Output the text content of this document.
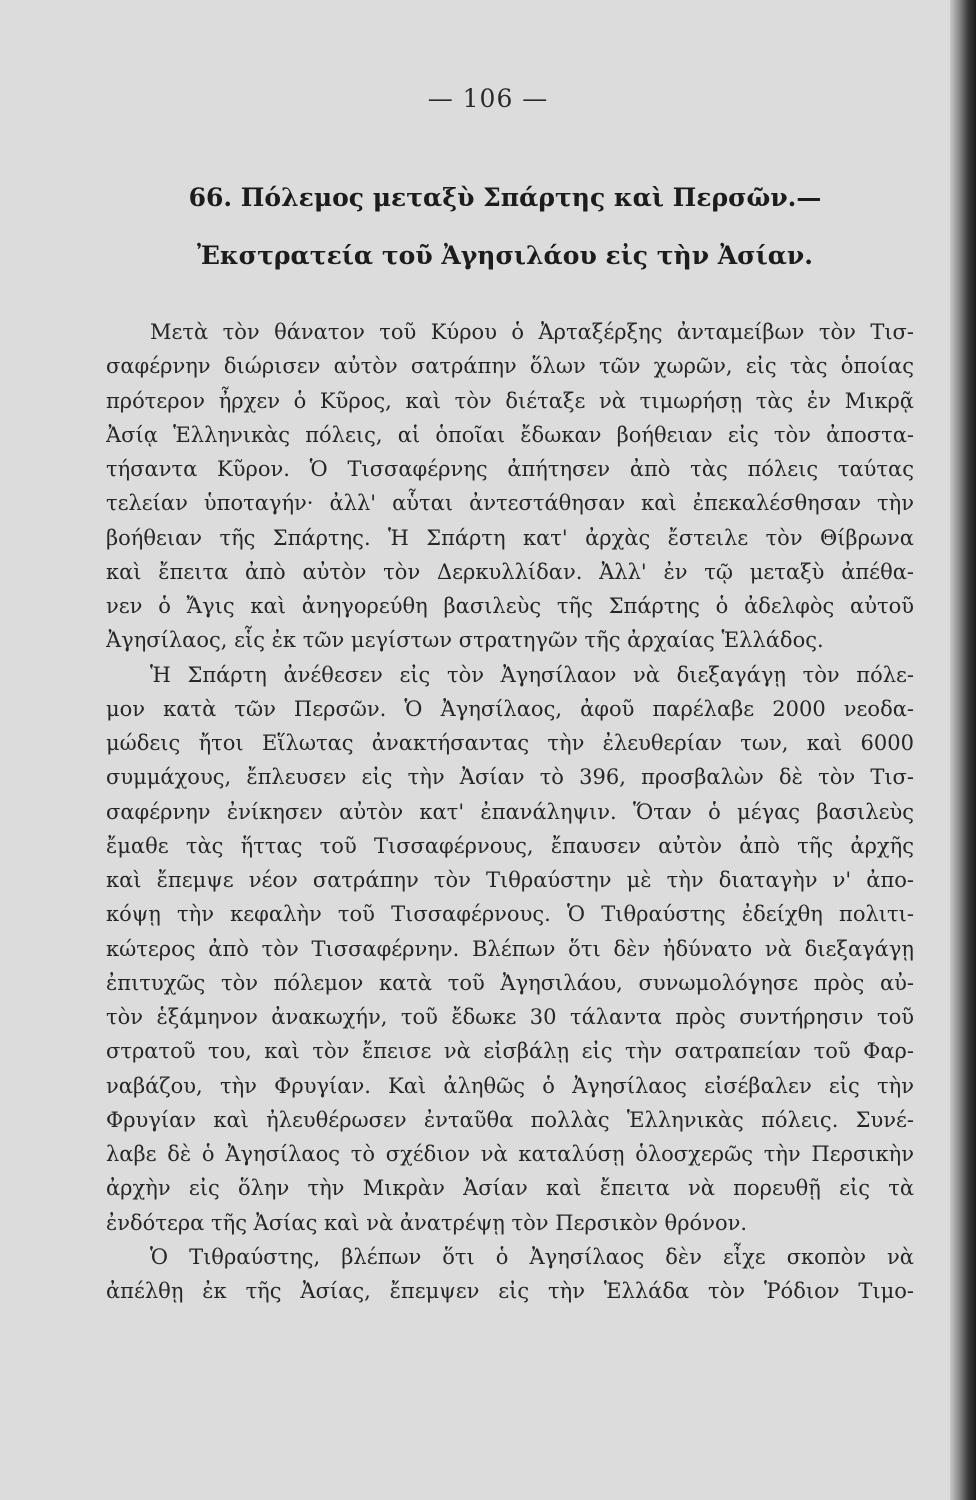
— 106 —
66. Πόλεμος μεταξὺ Σπάρτης καὶ Περσῶν.—
Ἐκστρατεία τοῦ Ἀγησιλάου εἰς τὴν Ἀσίαν.
Μετὰ τὸν θάνατον τοῦ Κύρου ὁ Ἀρταξέρξης ἀνταμείβων τὸν Τισ-
σαφέρνην διώρισεν αὐτὸν σατράπην ὅλων τῶν χωρῶν, εἰς τὰς ὁποίας
πρότερον ἦρχεν ὁ Κῦρος, καὶ τὸν διέταξε νὰ τιμωρήσῃ τὰς ἐν Μικρᾷ
Ἀσίᾳ Ἑλληνικὰς πόλεις, αἱ ὁποῖαι ἔδωκαν βοήθειαν εἰς τὸν ἀποστα-
τήσαντα Κῦρον. Ὁ Τισσαφέρνης ἀπήτησεν ἀπὸ τὰς πόλεις ταύτας
τελείαν ὑποταγήν· ἀλλ' αὗται ἀντεστάθησαν καὶ ἐπεκαλέσθησαν τὴν
βοήθειαν τῆς Σπάρτης. Ἡ Σπάρτη κατ' ἀρχὰς ἔστειλε τὸν Θίβρωνα
καὶ ἔπειτα ἀπὸ αὐτὸν τὸν Δερκυλλίδαν. Ἀλλ' ἐν τῷ μεταξὺ ἀπέθα-
νεν ὁ Ἄγις καὶ ἀνηγορεύθη βασιλεὺς τῆς Σπάρτης ὁ ἀδελφὸς αὐτοῦ
Ἀγησίλαος, εἷς ἐκ τῶν μεγίστων στρατηγῶν τῆς ἀρχαίας Ἑλλάδος.
Ἡ Σπάρτη ἀνέθεσεν εἰς τὸν Ἀγησίλαον νὰ διεξαγάγῃ τὸν πόλε-
μον κατὰ τῶν Περσῶν. Ὁ Ἀγησίλαος, ἀφοῦ παρέλαβε 2000 νεοδα-
μώδεις ἤτοι Εἵλωτας ἀνακτήσαντας τὴν ἐλευθερίαν των, καὶ 6000
συμμάχους, ἔπλευσεν εἰς τὴν Ἀσίαν τὸ 396, προσβαλὼν δὲ τὸν Τισ-
σαφέρνην ἐνίκησεν αὐτὸν κατ' ἐπανάληψιν. Ὅταν ὁ μέγας βασιλεὺς
ἔμαθε τὰς ἥττας τοῦ Τισσαφέρνους, ἔπαυσεν αὐτὸν ἀπὸ τῆς ἀρχῆς
καὶ ἔπεμψε νέον σατράπην τὸν Τιθραύστην μὲ τὴν διαταγὴν ν' ἀπο-
κόψῃ τὴν κεφαλὴν τοῦ Τισσαφέρνους. Ὁ Τιθραύστης ἐδείχθη πολιτι-
κώτερος ἀπὸ τὸν Τισσαφέρνην. Βλέπων ὅτι δὲν ἠδύνατο νὰ διεξαγάγῃ
ἐπιτυχῶς τὸν πόλεμον κατὰ τοῦ Ἀγησιλάου, συνωμολόγησε πρὸς αὐ-
τὸν ἑξάμηνον ἀνακωχήν, τοῦ ἔδωκε 30 τάλαντα πρὸς συντήρησιν τοῦ
στρατοῦ του, καὶ τὸν ἔπεισε νὰ εἰσβάλῃ εἰς τὴν σατραπείαν τοῦ Φαρ-
ναβάζου, τὴν Φρυγίαν. Καὶ ἀληθῶς ὁ Ἀγησίλαος εἰσέβαλεν εἰς τὴν
Φρυγίαν καὶ ἠλευθέρωσεν ἐνταῦθα πολλὰς Ἑλληνικὰς πόλεις. Συνέ-
λαβε δὲ ὁ Ἀγησίλαος τὸ σχέδιον νὰ καταλύσῃ ὁλοσχερῶς τὴν Περσικὴν
ἀρχὴν εἰς ὅλην τὴν Μικρὰν Ἀσίαν καὶ ἔπειτα νὰ πορευθῇ εἰς τὰ
ἐνδότερα τῆς Ἀσίας καὶ νὰ ἀνατρέψῃ τὸν Περσικὸν θρόνον.
Ὁ Τιθραύστης, βλέπων ὅτι ὁ Ἀγησίλαος δὲν εἶχε σκοπὸν νὰ
ἀπέλθῃ ἐκ τῆς Ἀσίας, ἔπεμψεν εἰς τὴν Ἑλλάδα τὸν Ῥόδιον Τιμο-
